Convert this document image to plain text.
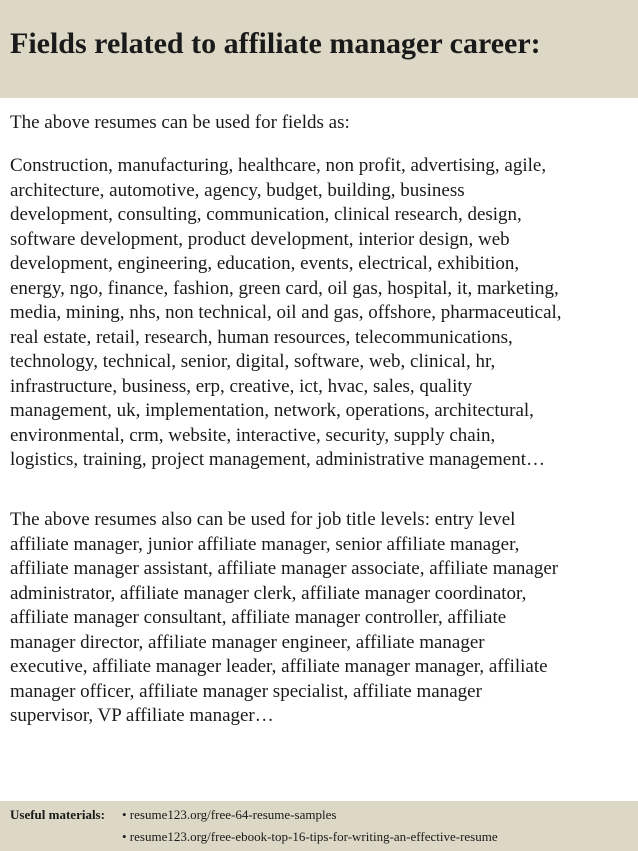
Fields related to affiliate manager career:
The above resumes can be used for fields as:
Construction, manufacturing, healthcare, non profit, advertising, agile,
architecture, automotive, agency, budget, building, business
development, consulting, communication, clinical research, design,
software development, product development, interior design, web
development, engineering, education, events, electrical, exhibition,
energy, ngo, finance, fashion, green card, oil gas, hospital, it, marketing,
media, mining, nhs, non technical, oil and gas, offshore, pharmaceutical,
real estate, retail, research, human resources, telecommunications,
technology, technical, senior, digital, software, web, clinical, hr,
infrastructure, business, erp, creative, ict, hvac, sales, quality
management, uk, implementation, network, operations, architectural,
environmental, crm, website, interactive, security, supply chain,
logistics, training, project management, administrative management…
The above resumes also can be used for job title levels: entry level
affiliate manager, junior affiliate manager, senior affiliate manager,
affiliate manager assistant, affiliate manager associate, affiliate manager
administrator, affiliate manager clerk, affiliate manager coordinator,
affiliate manager consultant, affiliate manager controller, affiliate
manager director, affiliate manager engineer, affiliate manager
executive, affiliate manager leader, affiliate manager manager, affiliate
manager officer, affiliate manager specialist, affiliate manager
supervisor, VP affiliate manager…
Useful materials: • resume123.org/free-64-resume-samples
• resume123.org/free-ebook-top-16-tips-for-writing-an-effective-resume
